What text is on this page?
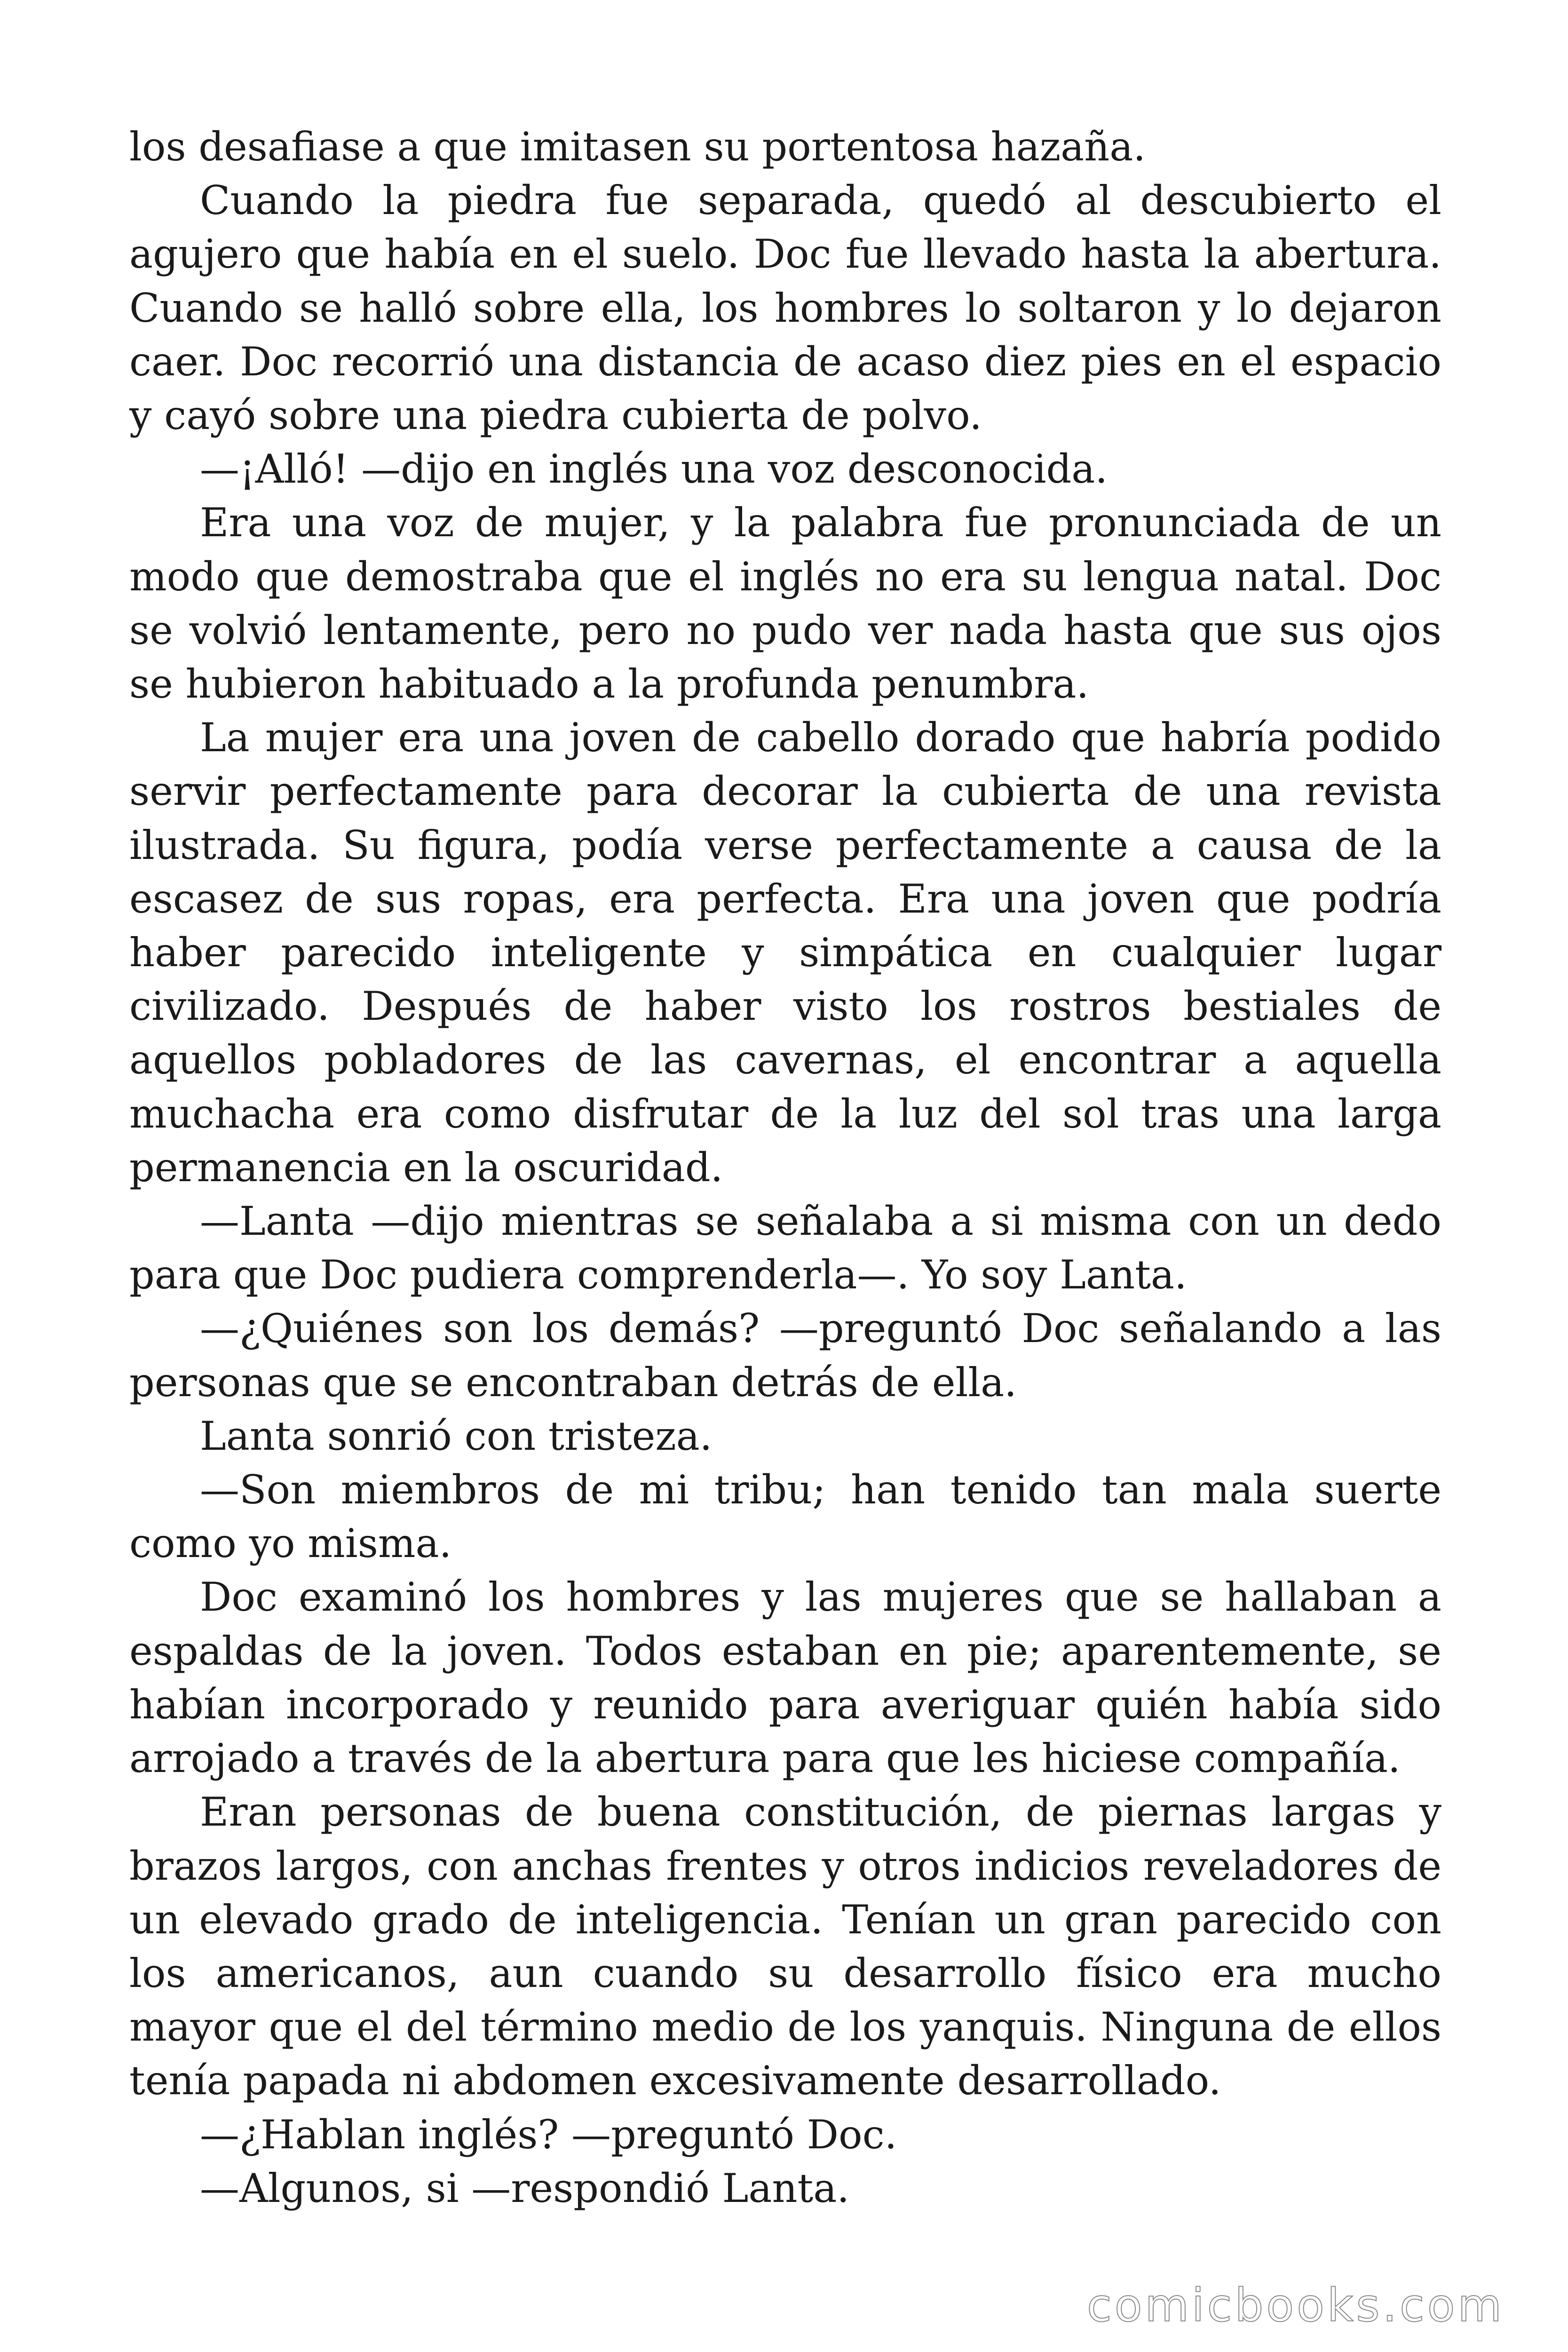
los desafiase a que imitasen su portentosa hazaña.

Cuando la piedra fue separada, quedó al descubierto el agujero que había en el suelo. Doc fue llevado hasta la abertura. Cuando se halló sobre ella, los hombres lo soltaron y lo dejaron caer. Doc recorrió una distancia de acaso diez pies en el espacio y cayó sobre una piedra cubierta de polvo.

—¡Alló! —dijo en inglés una voz desconocida.

Era una voz de mujer, y la palabra fue pronunciada de un modo que demostraba que el inglés no era su lengua natal. Doc se volvió lentamente, pero no pudo ver nada hasta que sus ojos se hubieron habituado a la profunda penumbra.

La mujer era una joven de cabello dorado que habría podido servir perfectamente para decorar la cubierta de una revista ilustrada. Su figura, podía verse perfectamente a causa de la escasez de sus ropas, era perfecta. Era una joven que podría haber parecido inteligente y simpática en cualquier lugar civilizado. Después de haber visto los rostros bestiales de aquellos pobladores de las cavernas, el encontrar a aquella muchacha era como disfrutar de la luz del sol tras una larga permanencia en la oscuridad.

—Lanta —dijo mientras se señalaba a si misma con un dedo para que Doc pudiera comprenderla—. Yo soy Lanta.

—¿Quiénes son los demás? —preguntó Doc señalando a las personas que se encontraban detrás de ella.

Lanta sonrió con tristeza.

—Son miembros de mi tribu; han tenido tan mala suerte como yo misma.

Doc examinó los hombres y las mujeres que se hallaban a espaldas de la joven. Todos estaban en pie; aparentemente, se habían incorporado y reunido para averiguar quién había sido arrojado a través de la abertura para que les hiciese compañía.

Eran personas de buena constitución, de piernas largas y brazos largos, con anchas frentes y otros indicios reveladores de un elevado grado de inteligencia. Tenían un gran parecido con los americanos, aun cuando su desarrollo físico era mucho mayor que el del término medio de los yanquis. Ninguna de ellos tenía papada ni abdomen excesivamente desarrollado.

—¿Hablan inglés? —preguntó Doc.

—Algunos, si —respondió Lanta.

comicbooks.com
